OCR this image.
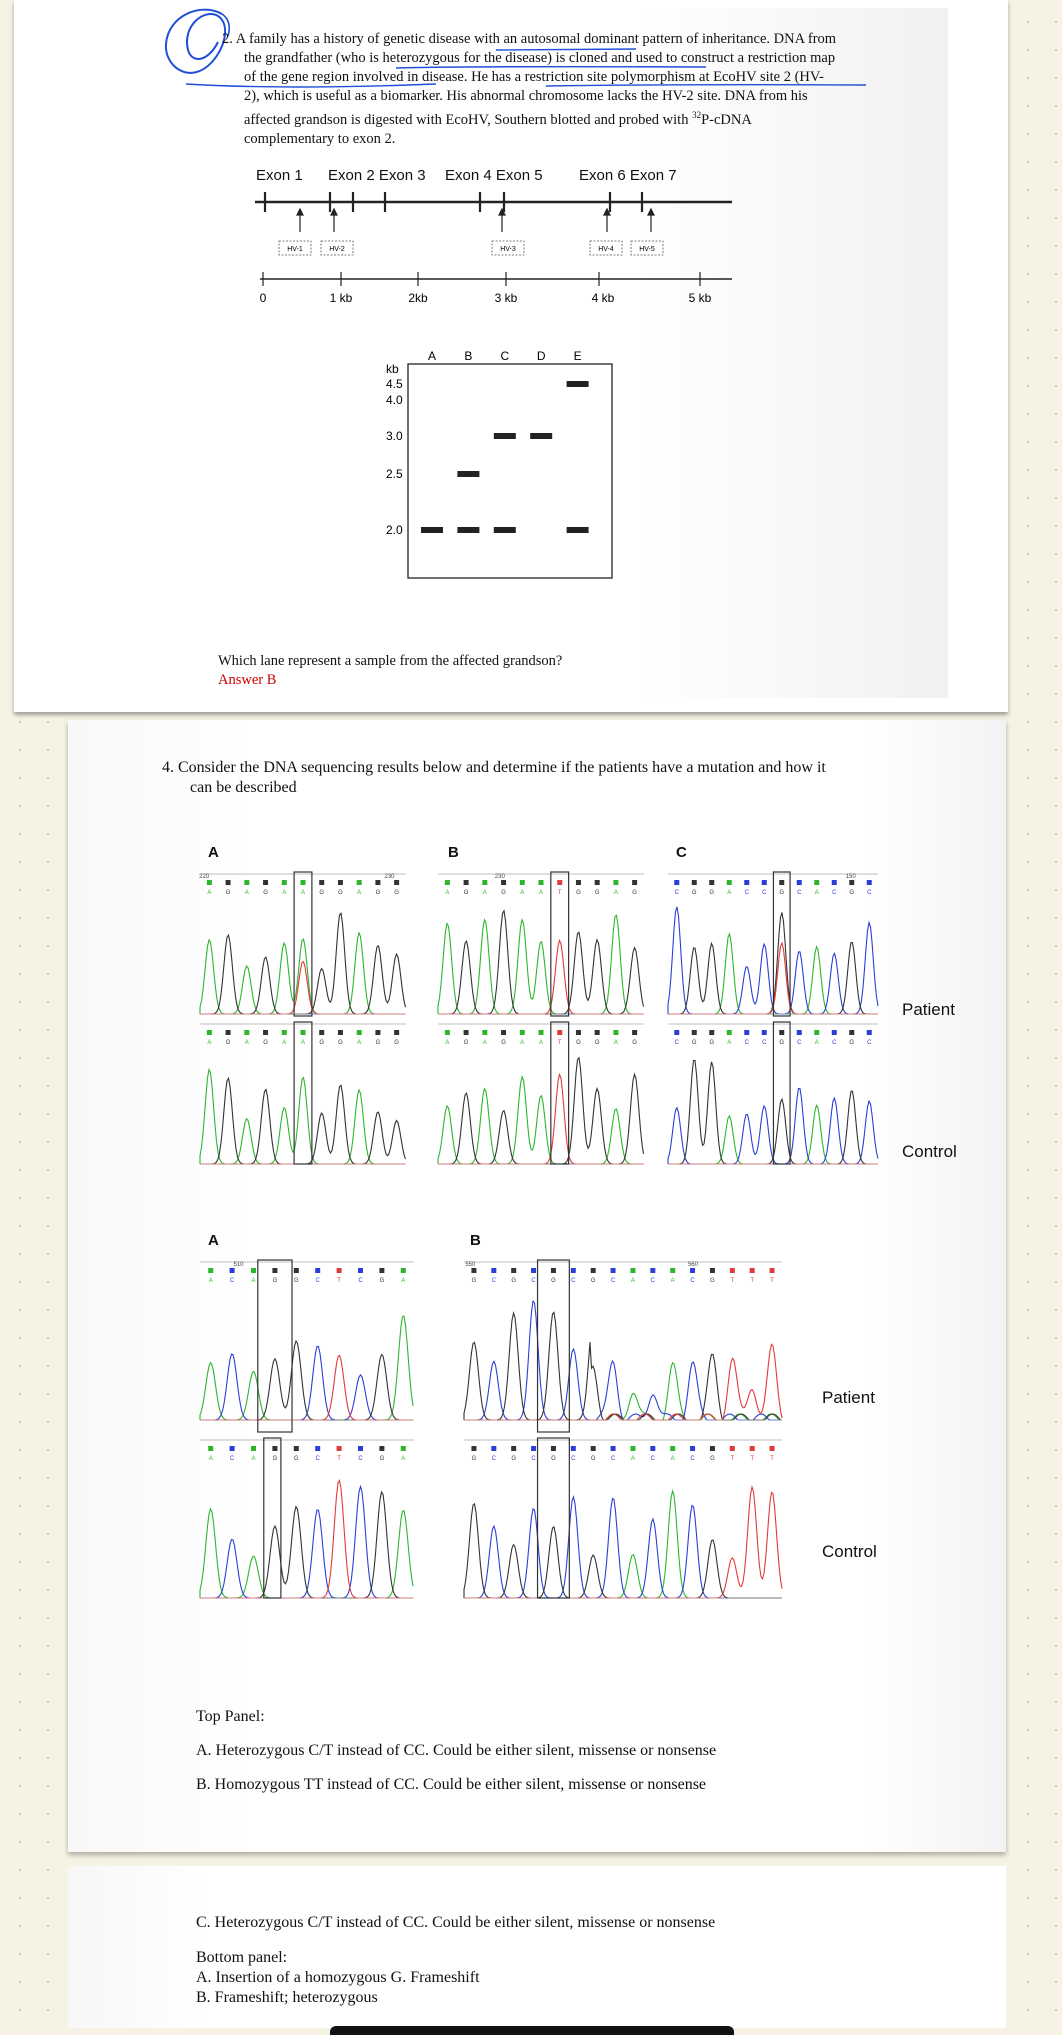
2. A family has a history of genetic disease with an autosomal dominant pattern of inheritance. DNA from
the grandfather (who is heterozygous for the disease) is cloned and used to construct a restriction map
of the gene region involved in disease. He has a restriction site polymorphism at EcoHV site 2 (HV-
2), which is useful as a biomarker. His abnormal chromosome lacks the HV-2 site. DNA from his
affected grandson is digested with EcoHV, Southern blotted and probed with $^{32}$P-cDNA
complementary to exon 2.
Exon 1 Exon 2 Exon 3 Exon 4 Exon 5 Exon 6 Exon 7
HV-1	HV-2	HV-3	HV-4	HV-5
0	1 kb	2kb	3 kb	4 kb	5 kb
kb
A B C D E
4.5
4.0
3.0
2.5
2.0
Which lane represent a sample from the affected grandson?
Answer B
4. Consider the DNA sequencing results below and determine if the patients have a mutation and how it
can be described
A	B	C
A G A G A A G G A G G
A G A G A A G G A G G
220	230
A G A G A A T G G A G
A G A G A A T G G A G
230
C G G A C C G C A C G C
C G G A C C G C A C G C
150
Patient
Control
A	B
A	C	A	G	G	C	T	C	G	A
A	C	A	G	G	C	T	C	G	A
510
G	C	G	C	G	C	G	C	A	C	A	C	G	T	T	T
G	C	G	C	G	C	G	C	A	C	A	C	G	T	T	T
550	560
Patient
Control
Top Panel:
A. Heterozygous C/T instead of CC. Could be either silent, missense or nonsense
B. Homozygous TT instead of CC. Could be either silent, missense or nonsense
C. Heterozygous C/T instead of CC. Could be either silent, missense or nonsense
Bottom panel:
A. Insertion of a homozygous G. Frameshift
B. Frameshift; heterozygous
